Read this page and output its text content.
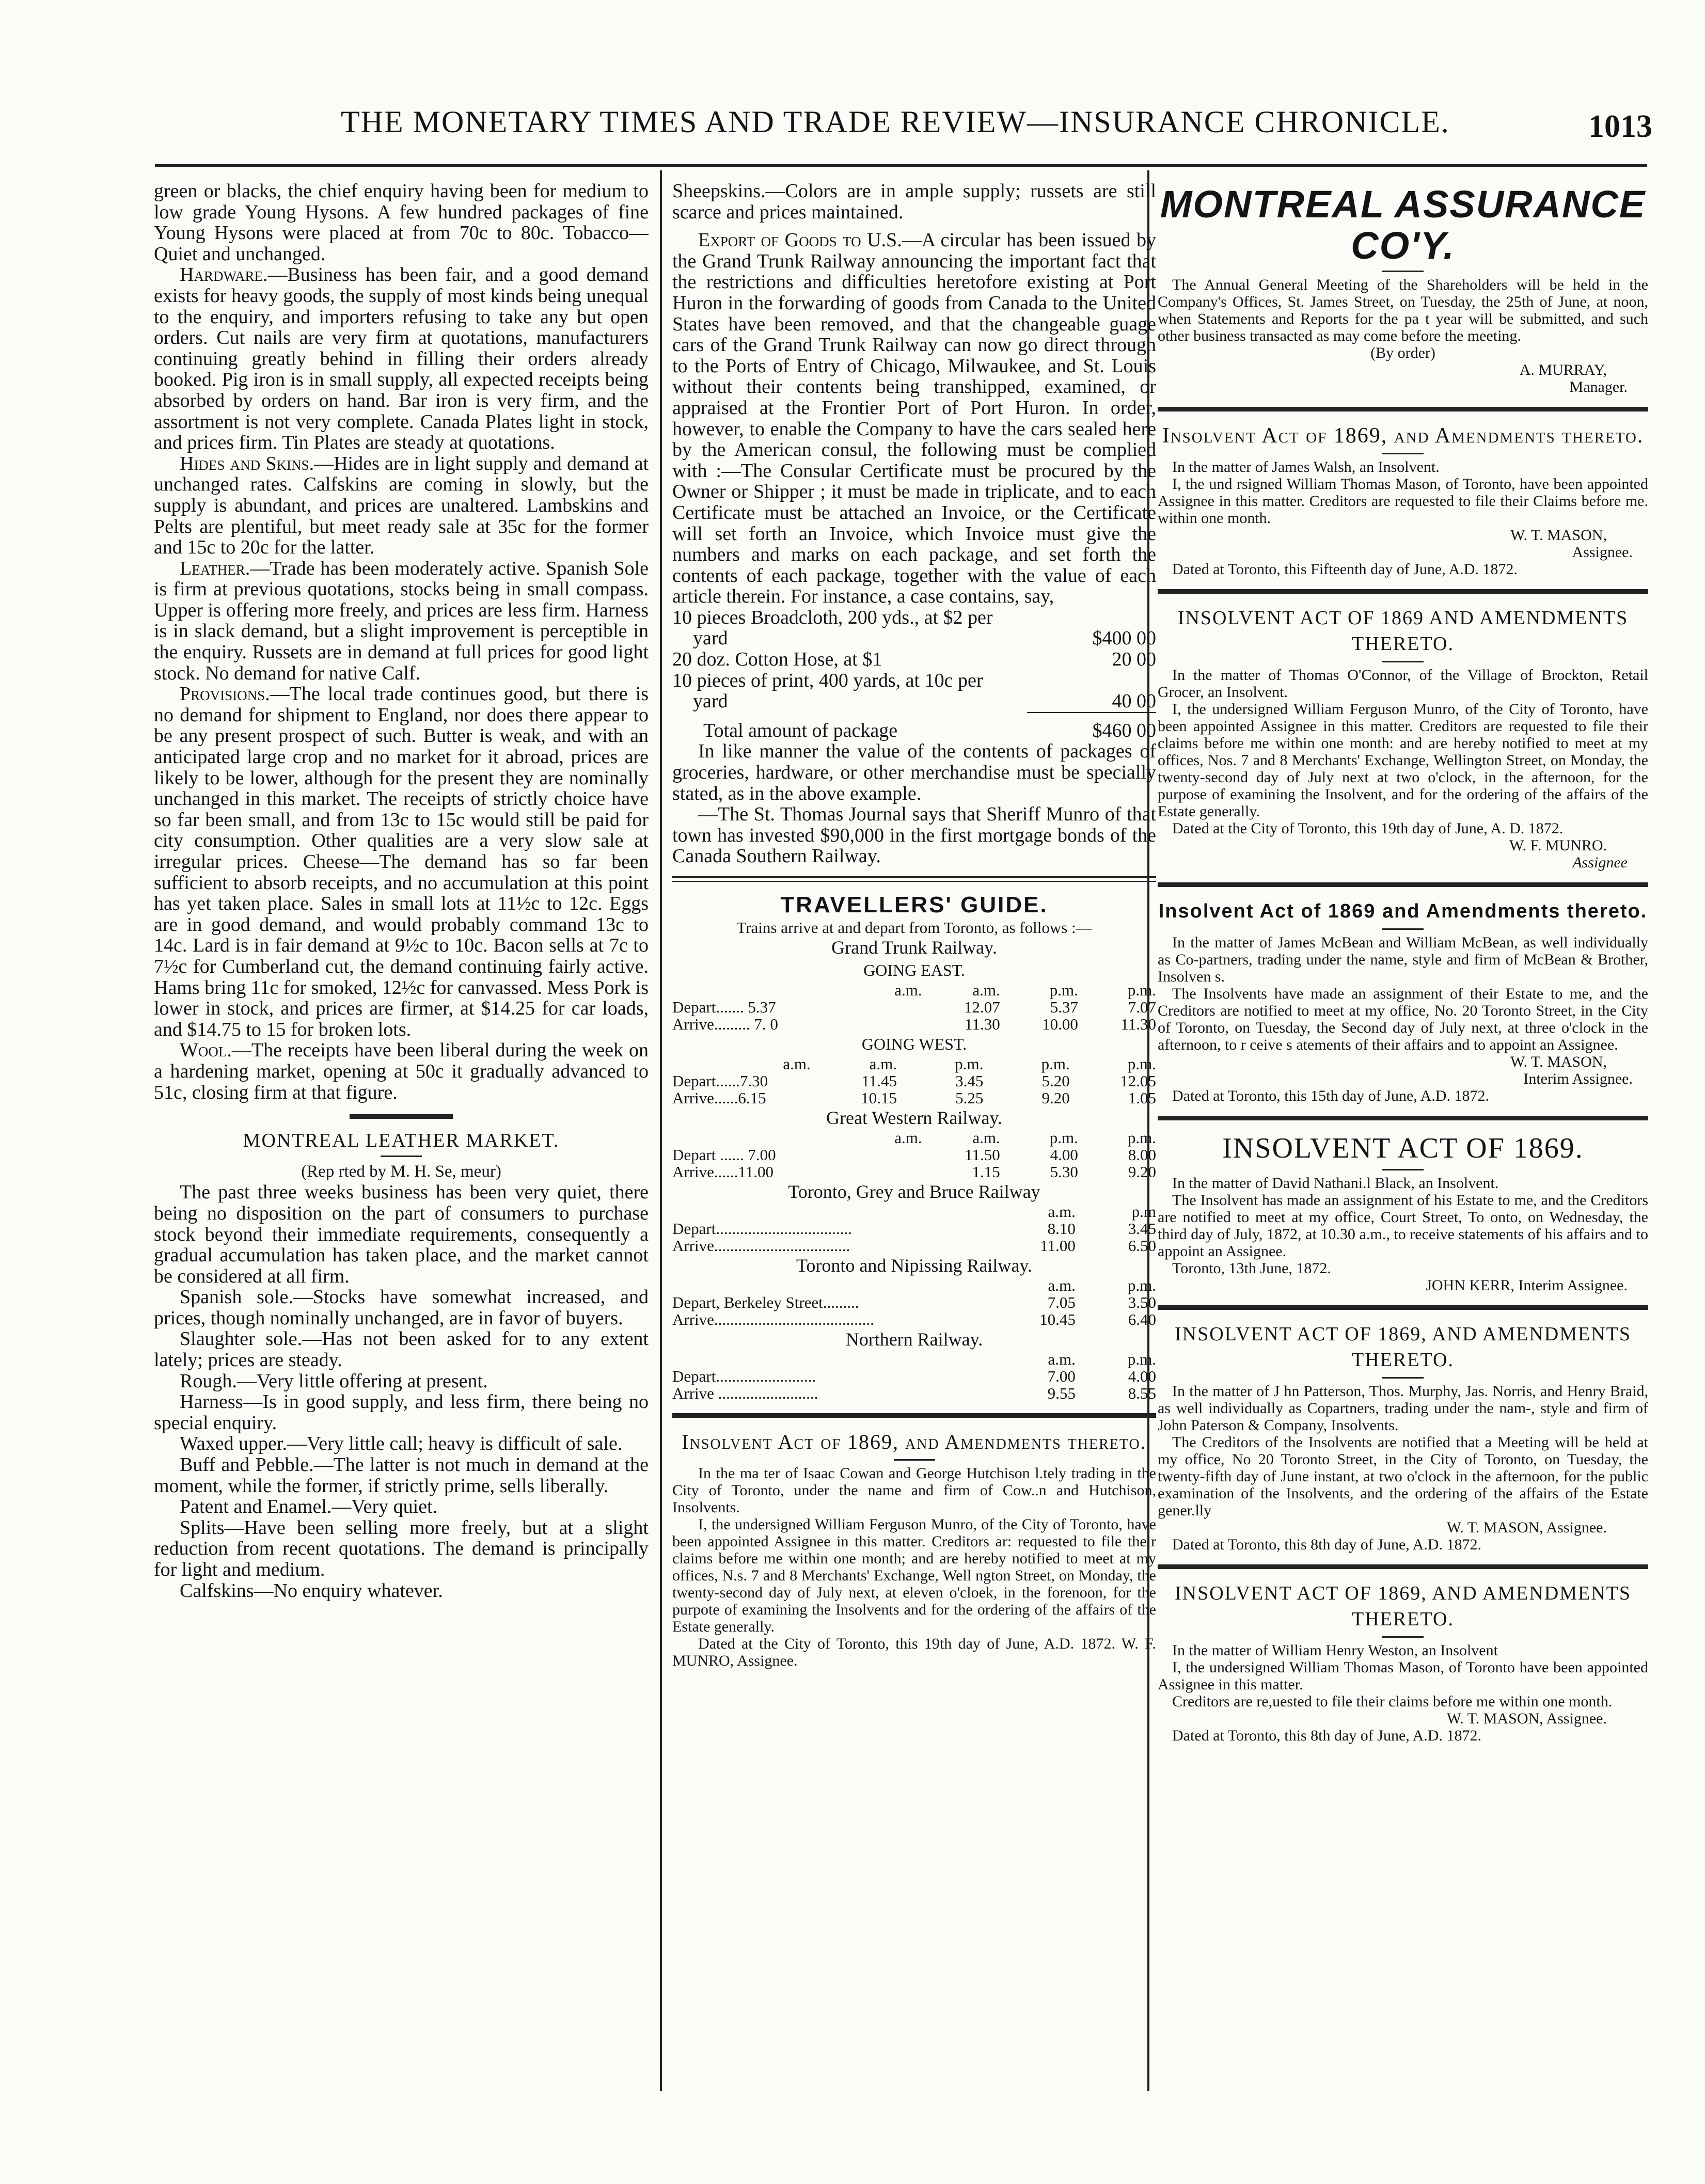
THE MONETARY TIMES AND TRADE REVIEW—INSURANCE CHRONICLE.	1013

green or blacks, the chief enquiry having been for medium to low grade Young Hysons. A few hundred packages of fine Young Hysons were placed at from 70c to 80c. Tobacco—Quiet and unchanged.

Hardware.—Business has been fair, and a good demand exists for heavy goods, the supply of most kinds being unequal to the enquiry, and importers refusing to take any but open orders. Cut nails are very firm at quotations, manufacturers continuing greatly behind in filling their orders already booked. Pig iron is in small supply, all expected receipts being absorbed by orders on hand. Bar iron is very firm, and the assortment is not very complete. Canada Plates light in stock, and prices firm. Tin Plates are steady at quotations.

Hides and Skins.—Hides are in light supply and demand at unchanged rates. Calfskins are coming in slowly, but the supply is abundant, and prices are unaltered. Lambskins and Pelts are plentiful, but meet ready sale at 35c for the former and 15c to 20c for the latter.

Leather.—Trade has been moderately active. Spanish Sole is firm at previous quotations, stocks being in small compass. Upper is offering more freely, and prices are less firm. Harness is in slack demand, but a slight improvement is perceptible in the enquiry. Russets are in demand at full prices for good light stock. No demand for native Calf.

Provisions.—The local trade continues good, but there is no demand for shipment to England, nor does there appear to be any present prospect of such. Butter is weak, and with an anticipated large crop and no market for it abroad, prices are likely to be lower, although for the present they are nominally unchanged in this market. The receipts of strictly choice have so far been small, and from 13c to 15c would still be paid for city consumption. Other qualities are a very slow sale at irregular prices. Cheese—The demand has so far been sufficient to absorb receipts, and no accumulation at this point has yet taken place. Sales in small lots at 11½c to 12c. Eggs are in good demand, and would probably command 13c to 14c. Lard is in fair demand at 9½c to 10c. Bacon sells at 7c to 7½c for Cumberland cut, the demand continuing fairly active. Hams bring 11c for smoked, 12½c for canvassed. Mess Pork is lower in stock, and prices are firmer, at $14.25 for car loads, and $14.75 to 15 for broken lots.

Wool.—The receipts have been liberal during the week on a hardening market, opening at 50c it gradually advanced to 51c, closing firm at that figure.

MONTREAL LEATHER MARKET.
(Rep rted by M. H. Se, meur)

The past three weeks business has been very quiet, there being no disposition on the part of consumers to purchase stock beyond their immediate requirements, consequently a gradual accumulation has taken place, and the market cannot be considered at all firm.

Spanish sole.—Stocks have somewhat increased, and prices, though nominally unchanged, are in favor of buyers.

Slaughter sole.—Has not been asked for to any extent lately; prices are steady.

Rough.—Very little offering at present.

Harness—Is in good supply, and less firm, there being no special enquiry.

Waxed upper.—Very little call; heavy is difficult of sale.

Buff and Pebble.—The latter is not much in demand at the moment, while the former, if strictly prime, sells liberally.

Patent and Enamel.—Very quiet.

Splits—Have been selling more freely, but at a slight reduction from recent quotations. The demand is principally for light and medium.

Calfskins—No enquiry whatever.

Sheepskins.—Colors are in ample supply; russets are still scarce and prices maintained.

Export of Goods to U.S.—A circular has been issued by the Grand Trunk Railway announcing the important fact that the restrictions and difficulties heretofore existing at Port Huron in the forwarding of goods from Canada to the United States have been removed, and that the changeable guage cars of the Grand Trunk Railway can now go direct through to the Ports of Entry of Chicago, Milwaukee, and St. Louis without their contents being transhipped, examined, or appraised at the Frontier Port of Port Huron. In order, however, to enable the Company to have the cars sealed here by the American consul, the following must be complied with :—The Consular Certificate must be procured by the Owner or Shipper ; it must be made in triplicate, and to each Certificate must be attached an Invoice, or the Certificate will set forth an Invoice, which Invoice must give the numbers and marks on each package, and set forth the contents of each package, together with the value of each article therein. For instance, a case contains, say,

10 pieces Broadcloth, 200 yds., at $2 per
yard	$400 00
20 doz. Cotton Hose, at $1	20 00
10 pieces of print, 400 yards, at 10c per
yard	40 00
Total amount of package	$460 00

In like manner the value of the contents of packages of groceries, hardware, or other merchandise must be specially stated, as in the above example.

—The St. Thomas Journal says that Sheriff Munro of that town has invested $90,000 in the first mortgage bonds of the Canada Southern Railway.

TRAVELLERS' GUIDE.
Trains arrive at and depart from Toronto, as follows :—
Grand Trunk Railway.
GOING EAST.
a.m.	a.m.	p.m.	p.m.
Depart....... 5.37	12.07	5.37	7.07
Arrive......... 7. 0	11.30	10.00	11.30
GOING WEST.
a.m.	a.m.	p.m.	p.m.	p.m.
Depart......7.30	11.45	3.45	5.20	12.05
Arrive......6.15	10.15	5.25	9.20	1.05
Great Western Railway.
a.m.	a.m.	p.m.	p.m.
Depart ...... 7.00	11.50	4.00	8.00
Arrive......11.00	1.15	5.30	9.20
Toronto, Grey and Bruce Railway
a.m.	p.m
Depart..................................	8.10	3.45
Arrive..................................	11.00	6.50
Toronto and Nipissing Railway.
a.m.	p.m.
Depart, Berkeley Street.........	7.05	3.50
Arrive........................................	10.45	6.40
Northern Railway.
a.m.	p.m.
Depart.........................	7.00	4.00
Arrive .........................	9.55	8.55
Insolvent Act of 1869, and Amendments thereto.

In the ma ter of Isaac Cowan and George Hutchison l.tely trading in the City of Toronto, under the name and firm of Cow..n and Hutchison, Insolvents.

I, the undersigned William Ferguson Munro, of the City of Toronto, have been appointed Assignee in this matter. Creditors ar: requested to file their claims before me within one month; and are hereby notified to meet at my offices, N.s. 7 and 8 Merchants' Exchange, Well ngton Street, on Monday, the twenty-second day of July next, at eleven o'cloek, in the forenoon, for the purpote of examining the Insolvents and for the ordering of the affairs of the Estate generally.

Dated at the City of Toronto, this 19th day of June, A.D. 1872. W. F. MUNRO, Assignee.

MONTREAL ASSURANCE CO'Y.

The Annual General Meeting of the Shareholders will be held in the Company's Offices, St. James Street, on Tuesday, the 25th of June, at noon, when Statements and Reports for the pa t year will be submitted, and such other business transacted as may come before the meeting.

(By order)
A. MURRAY,
Manager.
Insolvent Act of 1869, and Amendments thereto.

In the matter of James Walsh, an Insolvent.

I, the und rsigned William Thomas Mason, of Toronto, have been appointed Assignee in this matter. Creditors are requested to file their Claims before me. within one month.

W. T. MASON,
Assignee.

Dated at Toronto, this Fifteenth day of June, A.D. 1872.

INSOLVENT ACT OF 1869 AND AMENDMENTS THERETO.

In the matter of Thomas O'Connor, of the Village of Brockton, Retail Grocer, an Insolvent.

I, the undersigned William Ferguson Munro, of the City of Toronto, have been appointed Assignee in this matter. Creditors are requested to file their claims before me within one month: and are hereby notified to meet at my offices, Nos. 7 and 8 Merchants' Exchange, Wellington Street, on Monday, the twenty-second day of July next at two o'clock, in the afternoon, for the purpose of examining the Insolvent, and for the ordering of the affairs of the Estate generally.

Dated at the City of Toronto, this 19th day of June, A. D. 1872.

W. F. MUNRO.
Assignee
Insolvent Act of 1869 and Amendments thereto.

In the matter of James McBean and William McBean, as well individually as Co-partners, trading under the name, style and firm of McBean & Brother, Insolven s.

The Insolvents have made an assignment of their Estate to me, and the Creditors are notified to meet at my office, No. 20 Toronto Street, in the City of Toronto, on Tuesday, the Second day of July next, at three o'clock in the afternoon, to r ceive s atements of their affairs and to appoint an Assignee.

W. T. MASON,
Interim Assignee.

Dated at Toronto, this 15th day of June, A.D. 1872.

INSOLVENT ACT OF 1869.

In the matter of David Nathani.l Black, an Insolvent.

The Insolvent has made an assignment of his Estate to me, and the Creditors are notified to meet at my office, Court Street, To onto, on Wednesday, the third day of July, 1872, at 10.30 a.m., to receive statements of his affairs and to appoint an Assignee.

Toronto, 13th June, 1872.

JOHN KERR, Interim Assignee.
INSOLVENT ACT OF 1869, AND AMENDMENTS THERETO.

In the matter of J hn Patterson, Thos. Murphy, Jas. Norris, and Henry Braid, as well individually as Copartners, trading under the nam-, style and firm of John Paterson & Company, Insolvents.

The Creditors of the Insolvents are notified that a Meeting will be held at my office, No 20 Toronto Street, in the City of Toronto, on Tuesday, the twenty-fifth day of June instant, at two o'clock in the afternoon, for the public examination of the Insolvents, and the ordering of the affairs of the Estate gener.lly

W. T. MASON, Assignee.

Dated at Toronto, this 8th day of June, A.D. 1872.

INSOLVENT ACT OF 1869, AND AMENDMENTS THERETO.

In the matter of William Henry Weston, an Insolvent

I, the undersigned William Thomas Mason, of Toronto have been appointed Assignee in this matter.

Creditors are re,uested to file their claims before me within one month.

W. T. MASON, Assignee.

Dated at Toronto, this 8th day of June, A.D. 1872.
